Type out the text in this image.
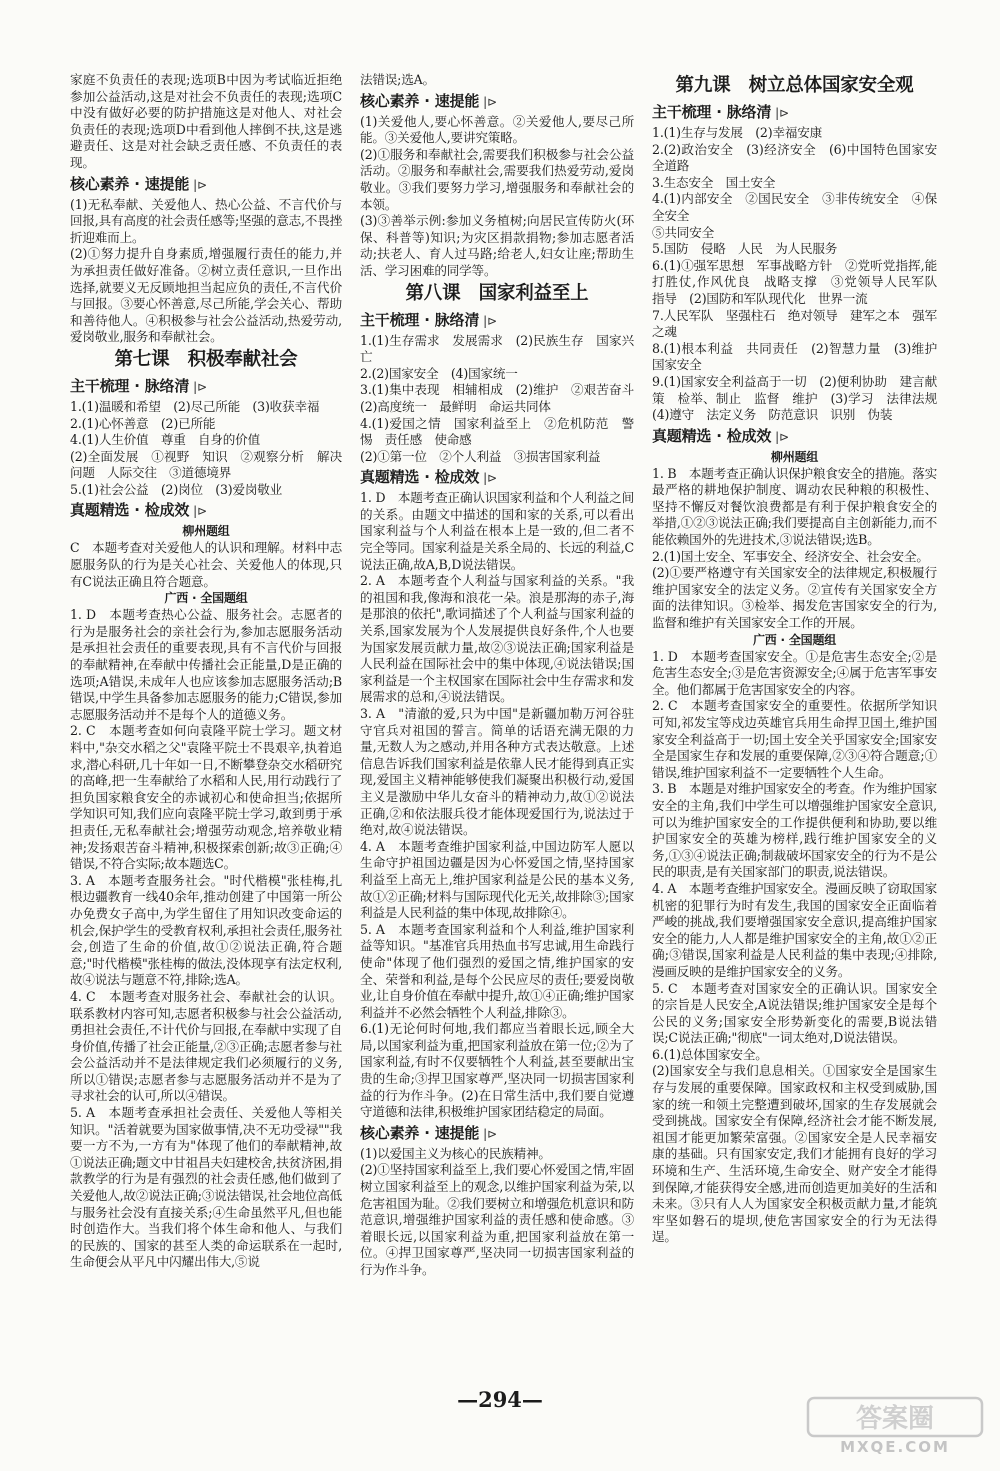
家庭不负责任的表现;选项B中因为考试临近拒绝参加公益活动,这是对社会不负责任的表现;选项C中没有做好必要的防护措施这是对他人、对社会负责任的表现;选项D中看到他人摔倒不扶,这是逃避责任、这是对社会缺乏责任感、不负责任的表现。
核心素养 · 速提能 |⊳
(1)无私奉献、关爱他人、热心公益、不言代价与回报,具有高度的社会责任感等;坚强的意志,不畏挫折迎难而上。
(2)①努力提升自身素质,增强履行责任的能力,并为承担责任做好准备。②树立责任意识,一旦作出选择,就要义无反顾地担当起应负的责任,不言代价与回报。③要心怀善意,尽己所能,学会关心、帮助和善待他人。④积极参与社会公益活动,热爱劳动,爱岗敬业,服务和奉献社会。
第七课　积极奉献社会
主干梳理 · 脉络清 |⊳
1.(1)温暖和希望　(2)尽己所能　(3)收获幸福
2.(1)心怀善意　(2)已所能
4.(1)人生价值　尊重　自身的价值
(2)全面发展　①视野　知识　②观察分析　解决问题　人际交往　③道德境界
5.(1)社会公益　(2)岗位　(3)爱岗敬业
真题精选 · 检成效 |⊳
柳州题组
C　本题考查对关爱他人的认识和理解。材料中志愿服务队的行为是关心社会、关爱他人的体现,只有C说法正确且符合题意。
广西 · 全国题组
1. D　本题考查热心公益、服务社会。志愿者的行为是服务社会的亲社会行为,参加志愿服务活动是承担社会责任的重要表现,具有不言代价与回报的奉献精神,在奉献中传播社会正能量,D是正确的选项;A错误,未成年人也应该参加志愿服务活动;B错误,中学生具备参加志愿服务的能力;C错误,参加志愿服务活动并不是每个人的道德义务。
2. C　本题考查如何向袁隆平院士学习。题文材料中,"杂交水稻之父"袁隆平院士不畏艰辛,执着追求,潜心科研,几十年如一日,不断攀登杂交水稻研究的高峰,把一生奉献给了水稻和人民,用行动践行了担负国家粮食安全的赤诚初心和使命担当;依据所学知识可知,我们应向袁隆平院士学习,敢到勇于承担责任,无私奉献社会;增强劳动观念,培养敬业精神;发扬艰苦奋斗精神,积极探索创新;故③正确;④错误,不符合实际;故本题选C。
3. A　本题考查服务社会。"时代楷模"张桂梅,扎根边疆教育一线40余年,推动创建了中国第一所公办免费女子高中,为学生留住了用知识改变命运的机会,保护学生的受教育权利,承担社会责任,服务社会,创造了生命的价值,故①②说法正确,符合题意;"时代楷模"张桂梅的做法,没体现享有法定权利,故④说法与题意不符,排除;选A。
4. C　本题考查对服务社会、奉献社会的认识。联系教材内容可知,志愿者积极参与社会公益活动,勇担社会责任,不计代价与回报,在奉献中实现了自身价值,传播了社会正能量,②③正确;志愿者参与社会公益活动并不是法律规定我们必须履行的义务,所以①错误;志愿者参与志愿服务活动并不是为了寻求社会的认可,所以④错误。
5. A　本题考查承担社会责任、关爱他人等相关知识。"活着就要为国家做事情,决不无功受禄""我要一方不为,一方有为"体现了他们的奉献精神,故①说法正确;题文中甘祖昌夫妇建校舍,扶贫济困,捐款教学的行为是有强烈的社会责任感,他们做到了关爱他人,故②说法正确;③说法错误,社会地位高低与服务社会没有直接关系;④生命虽然平凡,但也能时创造作大。当我们将个体生命和他人、与我们的民族的、国家的甚至人类的命运联系在一起时,生命便会从平凡中闪耀出伟大,⑤说
法错误;选A。
核心素养 · 速提能 |⊳
(1)关爱他人,要心怀善意。②关爱他人,要尽己所能。③关爱他人,要讲究策略。
(2)①服务和奉献社会,需要我们积极参与社会公益活动。②服务和奉献社会,需要我们热爱劳动,爱岗敬业。③我们要努力学习,增强服务和奉献社会的本领。
(3)③善举示例:参加义务植树;向居民宣传防火(环保、科普等)知识;为灾区捐款捐物;参加志愿者活动;扶老人、育人过马路;给老人,妇女让座;帮助生活、学习困难的同学等。
第八课　国家利益至上
主干梳理 · 脉络清 |⊳
1.(1)生存需求　发展需求　(2)民族生存　国家兴亡
2.(2)国家安全　(4)国家统一
3.(1)集中表现　相辅相成　(2)维护　②艰苦奋斗　(2)高度统一　最鲜明　命运共同体
4.(1)爱国之情　国家利益至上　②危机防范　警惕　责任感　使命感
(2)①第一位　②个人利益　③损害国家利益
真题精选 · 检成效 |⊳
1. D　本题考查正确认识国家利益和个人利益之间的关系。由题文中描述的国和家的关系,可以看出国家利益与个人利益在根本上是一致的,但二者不完全等同。国家利益是关系全局的、长远的利益,C说法正确,故A,B,D说法错误。
2. A　本题考查个人利益与国家利益的关系。"我的祖国和我,像海和浪花一朵。浪是那海的赤子,海是那浪的依托",歌词描述了个人利益与国家利益的关系,国家发展为个人发展提供良好条件,个人也要为国家发展贡献力量,故②③说法正确;国家利益是人民利益在国际社会中的集中体现,④说法错误;国家利益是一个主权国家在国际社会中生存需求和发展需求的总和,④说法错误。
3. A　"清澈的爱,只为中国"是新疆加勒万河谷驻守官兵对祖国的誓言。简单的话语充满无限的力量,无数人为之感动,并用各种方式表达敬意。上述信息告诉我们国家利益是依靠人民才能得到真正实现,爱国主义精神能够使我们凝聚出积极行动,爱国主义是激励中华儿女奋斗的精神动力,故①②说法正确,②和依法服兵役才能体现爱国行为,说法过于绝对,故④说法错误。
4. A　本题考查维护国家利益,中国边防军人愿以生命守护祖国边疆是因为心怀爱国之情,坚持国家利益至上高无上,维护国家利益是公民的基本义务,故①②正确;材料与国际现代化无关,故排除③;国家利益是人民利益的集中体现,故排除④。
5. A　本题考查国家利益和个人利益,维护国家利益等知识。"基准官兵用热血书写忠诚,用生命践行使命"体现了他们强烈的爱国之情,维护国家的安全、荣誉和利益,是每个公民应尽的责任;要爱岗敬业,让自身价值在奉献中提升,故①④正确;维护国家利益并不必然会牺牲个人利益,排除③。
6.(1)无论何时何地,我们都应当着眼长远,顾全大局,以国家利益为重,把国家利益放在第一位;②为了国家利益,有时不仅要牺牲个人利益,甚至要献出宝贵的生命;③捍卫国家尊严,坚决同一切损害国家利益的行为作斗争。(2)在日常生活中,我们要自觉遵守道德和法律,积极维护国家团结稳定的局面。
核心素养 · 速提能 |⊳
(1)以爱国主义为核心的民族精神。
(2)①坚持国家利益至上,我们要心怀爱国之情,牢固树立国家利益至上的观念,以维护国家利益为荣,以危害祖国为耻。②我们要树立和增强危机意识和防范意识,增强维护国家利益的责任感和使命感。③着眼长远,以国家利益为重,把国家利益放在第一位。④捍卫国家尊严,坚决同一切损害国家利益的行为作斗争。
第九课　树立总体国家安全观
主干梳理 · 脉络清 |⊳
1.(1)生存与发展　(2)幸福安康
2.(2)政治安全　(3)经济安全　(6)中国特色国家安全道路
3.生态安全　国土安全
4.(1)内部安全　②国民安全　③非传统安全　④保全安全
⑤共同安全
5.国防　侵略　人民　为人民服务
6.(1)①强军思想　军事战略方针　②党听党指挥,能打胜仗,作风优良　战略支撑　③党领导人民军队　指导　(2)国防和军队现代化　世界一流
7.人民军队　坚强柱石　绝对领导　建军之本　强军之魂
8.(1)根本利益　共同责任　(2)智慧力量　(3)维护国家安全
9.(1)国家安全利益高于一切　(2)便利协助　建言献策　检举、制止　监督　维护　(3)学习　法律法规　(4)遵守　法定义务　防范意识　识别　伪装
真题精选 · 检成效 |⊳
柳州题组
1. B　本题考查正确认识保护粮食安全的措施。落实最严格的耕地保护制度、调动农民种粮的积极性、坚持不懈反对餐饮浪费都是有利于保护粮食安全的举措,①②③说法正确;我们要提高自主创新能力,而不能依赖国外的先进技术,③说法错误;选B。
2.(1)国土安全、军事安全、经济安全、社会安全。
(2)①要严格遵守有关国家安全的法律规定,积极履行维护国家安全的法定义务。②宣传有关国家安全方面的法律知识。③检举、揭发危害国家安全的行为,监督和维护有关国家安全工作的开展。
广西 · 全国题组
1. D　本题考查国家安全。①是危害生态安全;②是危害生态安全;③是危害资源安全;④属于危害军事安全。他们都属于危害国家安全的内容。
2. C　本题考查国家安全的重要性。依据所学知识可知,祁发宝等戍边英雄官兵用生命捍卫国土,维护国家安全利益高于一切;国土安全关乎国家安全;国家安全是国家生存和发展的重要保障,②③④符合题意;①错误,维护国家利益不一定要牺牲个人生命。
3. B　本题是对维护国家安全的考查。作为维护国家安全的主角,我们中学生可以增强维护国家安全意识,可以为维护国家安全的工作提供便利和协助,要以维护国家安全的英雄为榜样,践行维护国家安全的义务,①③④说法正确;制裁破坏国家安全的行为不是公民的职责,是有关国家部门的职责,说法错误。
4. A　本题考查维护国家安全。漫画反映了窃取国家机密的犯罪行为时有发生,我国的国家安全正面临着严峻的挑战,我们要增强国家安全意识,提高维护国家安全的能力,人人都是维护国家安全的主角,故①②正确;③错误,国家利益是人民利益的集中表现;④排除,漫画反映的是维护国家安全的义务。
5. C　本题考查对国家安全的正确认识。国家安全的宗旨是人民安全,A说法错误;维护国家安全是每个公民的义务;国家安全形势新变化的需要,B说法错误;C说法正确;"彻底"一词太绝对,D说法错误。
6.(1)总体国家安全。
(2)国家安全与我们息息相关。①国家安全是国家生存与发展的重要保障。国家政权和主权受到威胁,国家的统一和领土完整遭到破坏,国家的生存发展就会受到挑战。国家安全有保障,经济社会才能不断发展,祖国才能更加繁荣富强。②国家安全是人民幸福安康的基础。只有国家安定,我们才能拥有良好的学习环境和生产、生活环境,生命安全、财产安全才能得到保障,才能获得安全感,进而创造更加美好的生活和未来。③只有人人为国家安全积极贡献力量,才能筑牢坚如磐石的堤坝,使危害国家安全的行为无法得逞。
—294—
答案圈
MXQE.COM
